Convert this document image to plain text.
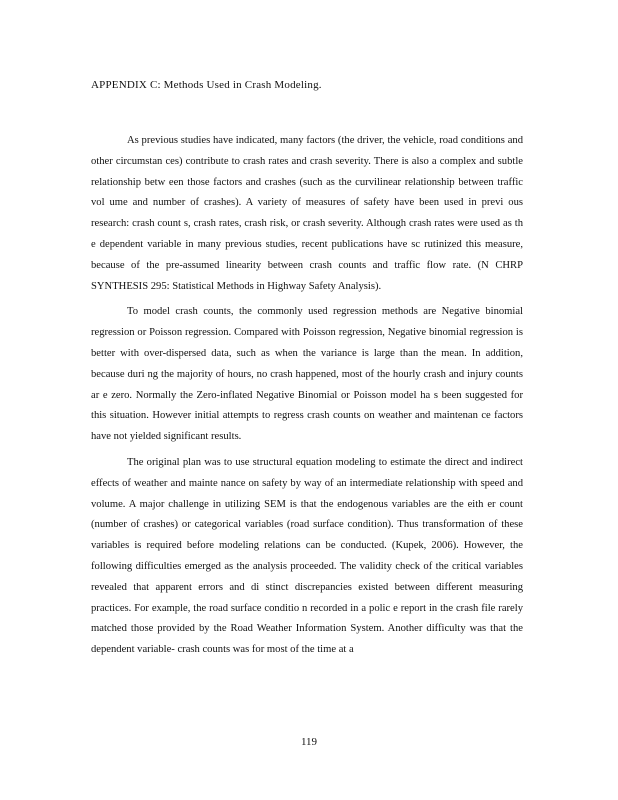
APPENDIX C: Methods Used in Crash Modeling.

As previous studies have indicated, many factors (the driver, the vehicle, road conditions and other circumstan ces) contribute to crash rates and crash severity. There is also a complex and subtle relationship betw een those factors and crashes (such as the curvilinear relationship between traffic vol ume and number of crashes). A variety of measures of safety have been used in previ ous research: crash count s, crash rates, crash risk, or crash severity. Although crash rates were used as th e dependent variable in many previous studies, recent publications have sc rutinized this measure, because of the pre-assumed linearity between crash counts and traffic flow rate. (N CHRP SYNTHESIS 295: Statistical Methods in Highway Safety Analysis).

To model crash counts, the commonly used regression methods are Negative binomial regression or Poisson regression. Compared with Poisson regression, Negative binomial regression is better with over-dispersed data, such as when the variance is large than the mean. In addition, because duri ng the majority of hours, no crash happened, most of the hourly crash and injury counts ar e zero. Normally the Zero-inflated Negative Binomial or Poisson model ha s been suggested for this situation. However initial attempts to regress crash counts on weather and maintenan ce factors have not yielded significant results.

The original plan was to use structural equation modeling to estimate the direct and indirect effects of weather and mainte nance on safety by way of an intermediate relationship with speed and volume. A major challenge in utilizing SEM is that the endogenous variables are the eith er count (number of crashes) or categorical variables (road surface condition). Thus transformation of these variables is required before modeling relations can be conducted. (Kupek, 2006). However, the following difficulties emerged as the analysis proceeded. The validity check of the critical variables revealed that apparent errors and di stinct discrepancies existed between different measuring practices. For example, the road surface conditio n recorded in a polic e report in the crash file rarely matched those provided by the Road Weather Information System. Another difficulty was that the dependent variable- crash counts was for most of the time at a

119
